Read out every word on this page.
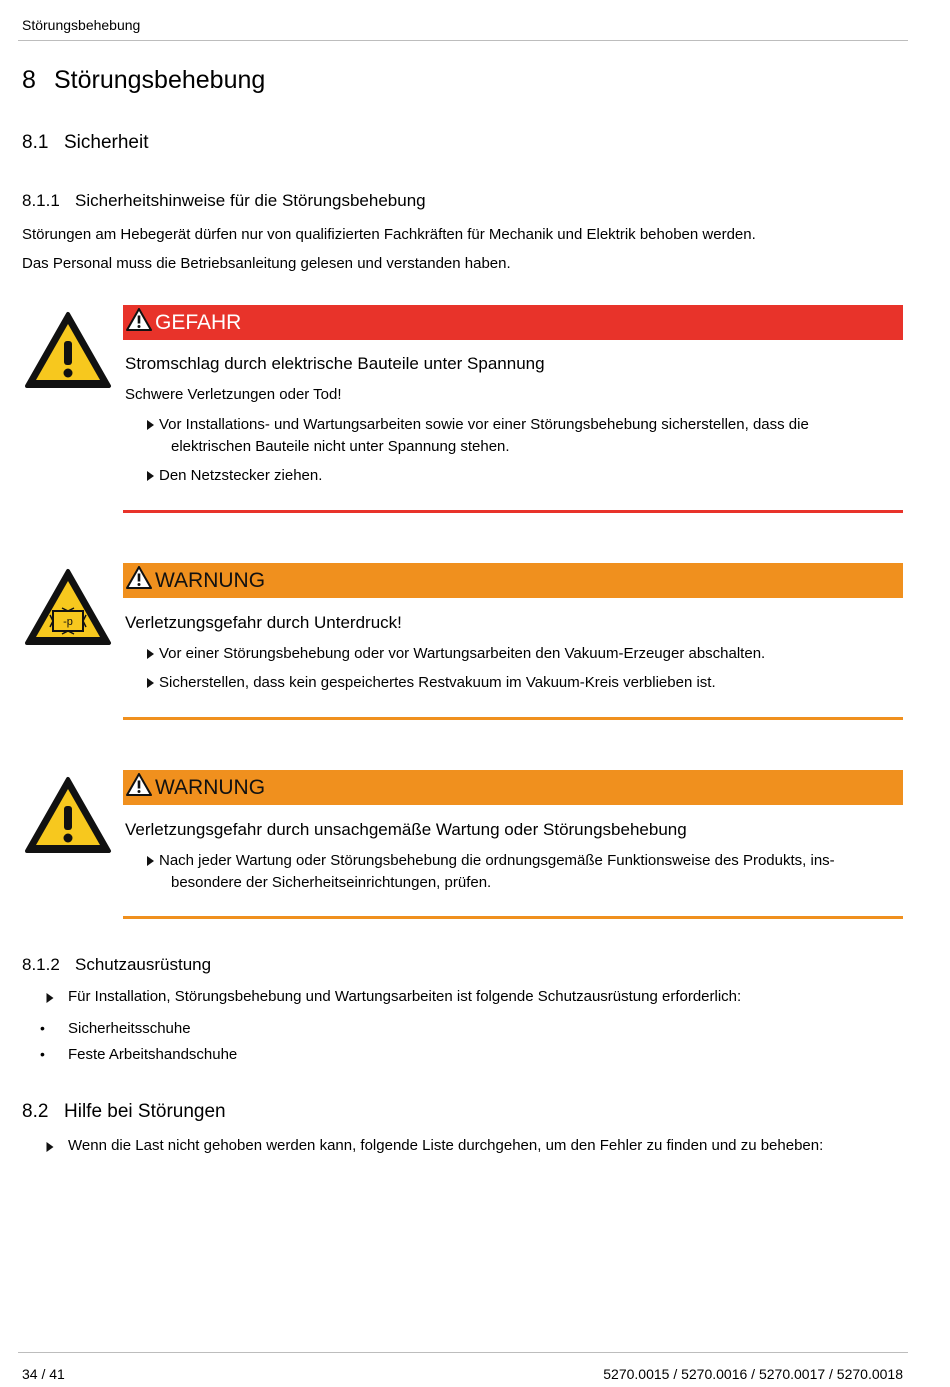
Störungsbehebung
8 Störungsbehebung
8.1 Sicherheit
8.1.1 Sicherheitshinweise für die Störungsbehebung
Störungen am Hebegerät dürfen nur von qualifizierten Fachkräften für Mechanik und Elektrik behoben werden.
Das Personal muss die Betriebsanleitung gelesen und verstanden haben.
GEFAHR
Stromschlag durch elektrische Bauteile unter Spannung
Schwere Verletzungen oder Tod!
Vor Installations- und Wartungsarbeiten sowie vor einer Störungsbehebung sicherstellen, dass die
elektrischen Bauteile nicht unter Spannung stehen.
Den Netzstecker ziehen.
-p
WARNUNG
Verletzungsgefahr durch Unterdruck!
Vor einer Störungsbehebung oder vor Wartungsarbeiten den Vakuum-Erzeuger abschalten.
Sicherstellen, dass kein gespeichertes Restvakuum im Vakuum-Kreis verblieben ist.
WARNUNG
Verletzungsgefahr durch unsachgemäße Wartung oder Störungsbehebung
Nach jeder Wartung oder Störungsbehebung die ordnungsgemäße Funktionsweise des Produkts, ins-
besondere der Sicherheitseinrichtungen, prüfen.
8.1.2 Schutzausrüstung
Für Installation, Störungsbehebung und Wartungsarbeiten ist folgende Schutzausrüstung erforderlich:
•	Sicherheitsschuhe
•	Feste Arbeitshandschuhe
8.2 Hilfe bei Störungen
Wenn die Last nicht gehoben werden kann, folgende Liste durchgehen, um den Fehler zu finden und zu beheben:
34 / 41	5270.0015 / 5270.0016 / 5270.0017 / 5270.0018
